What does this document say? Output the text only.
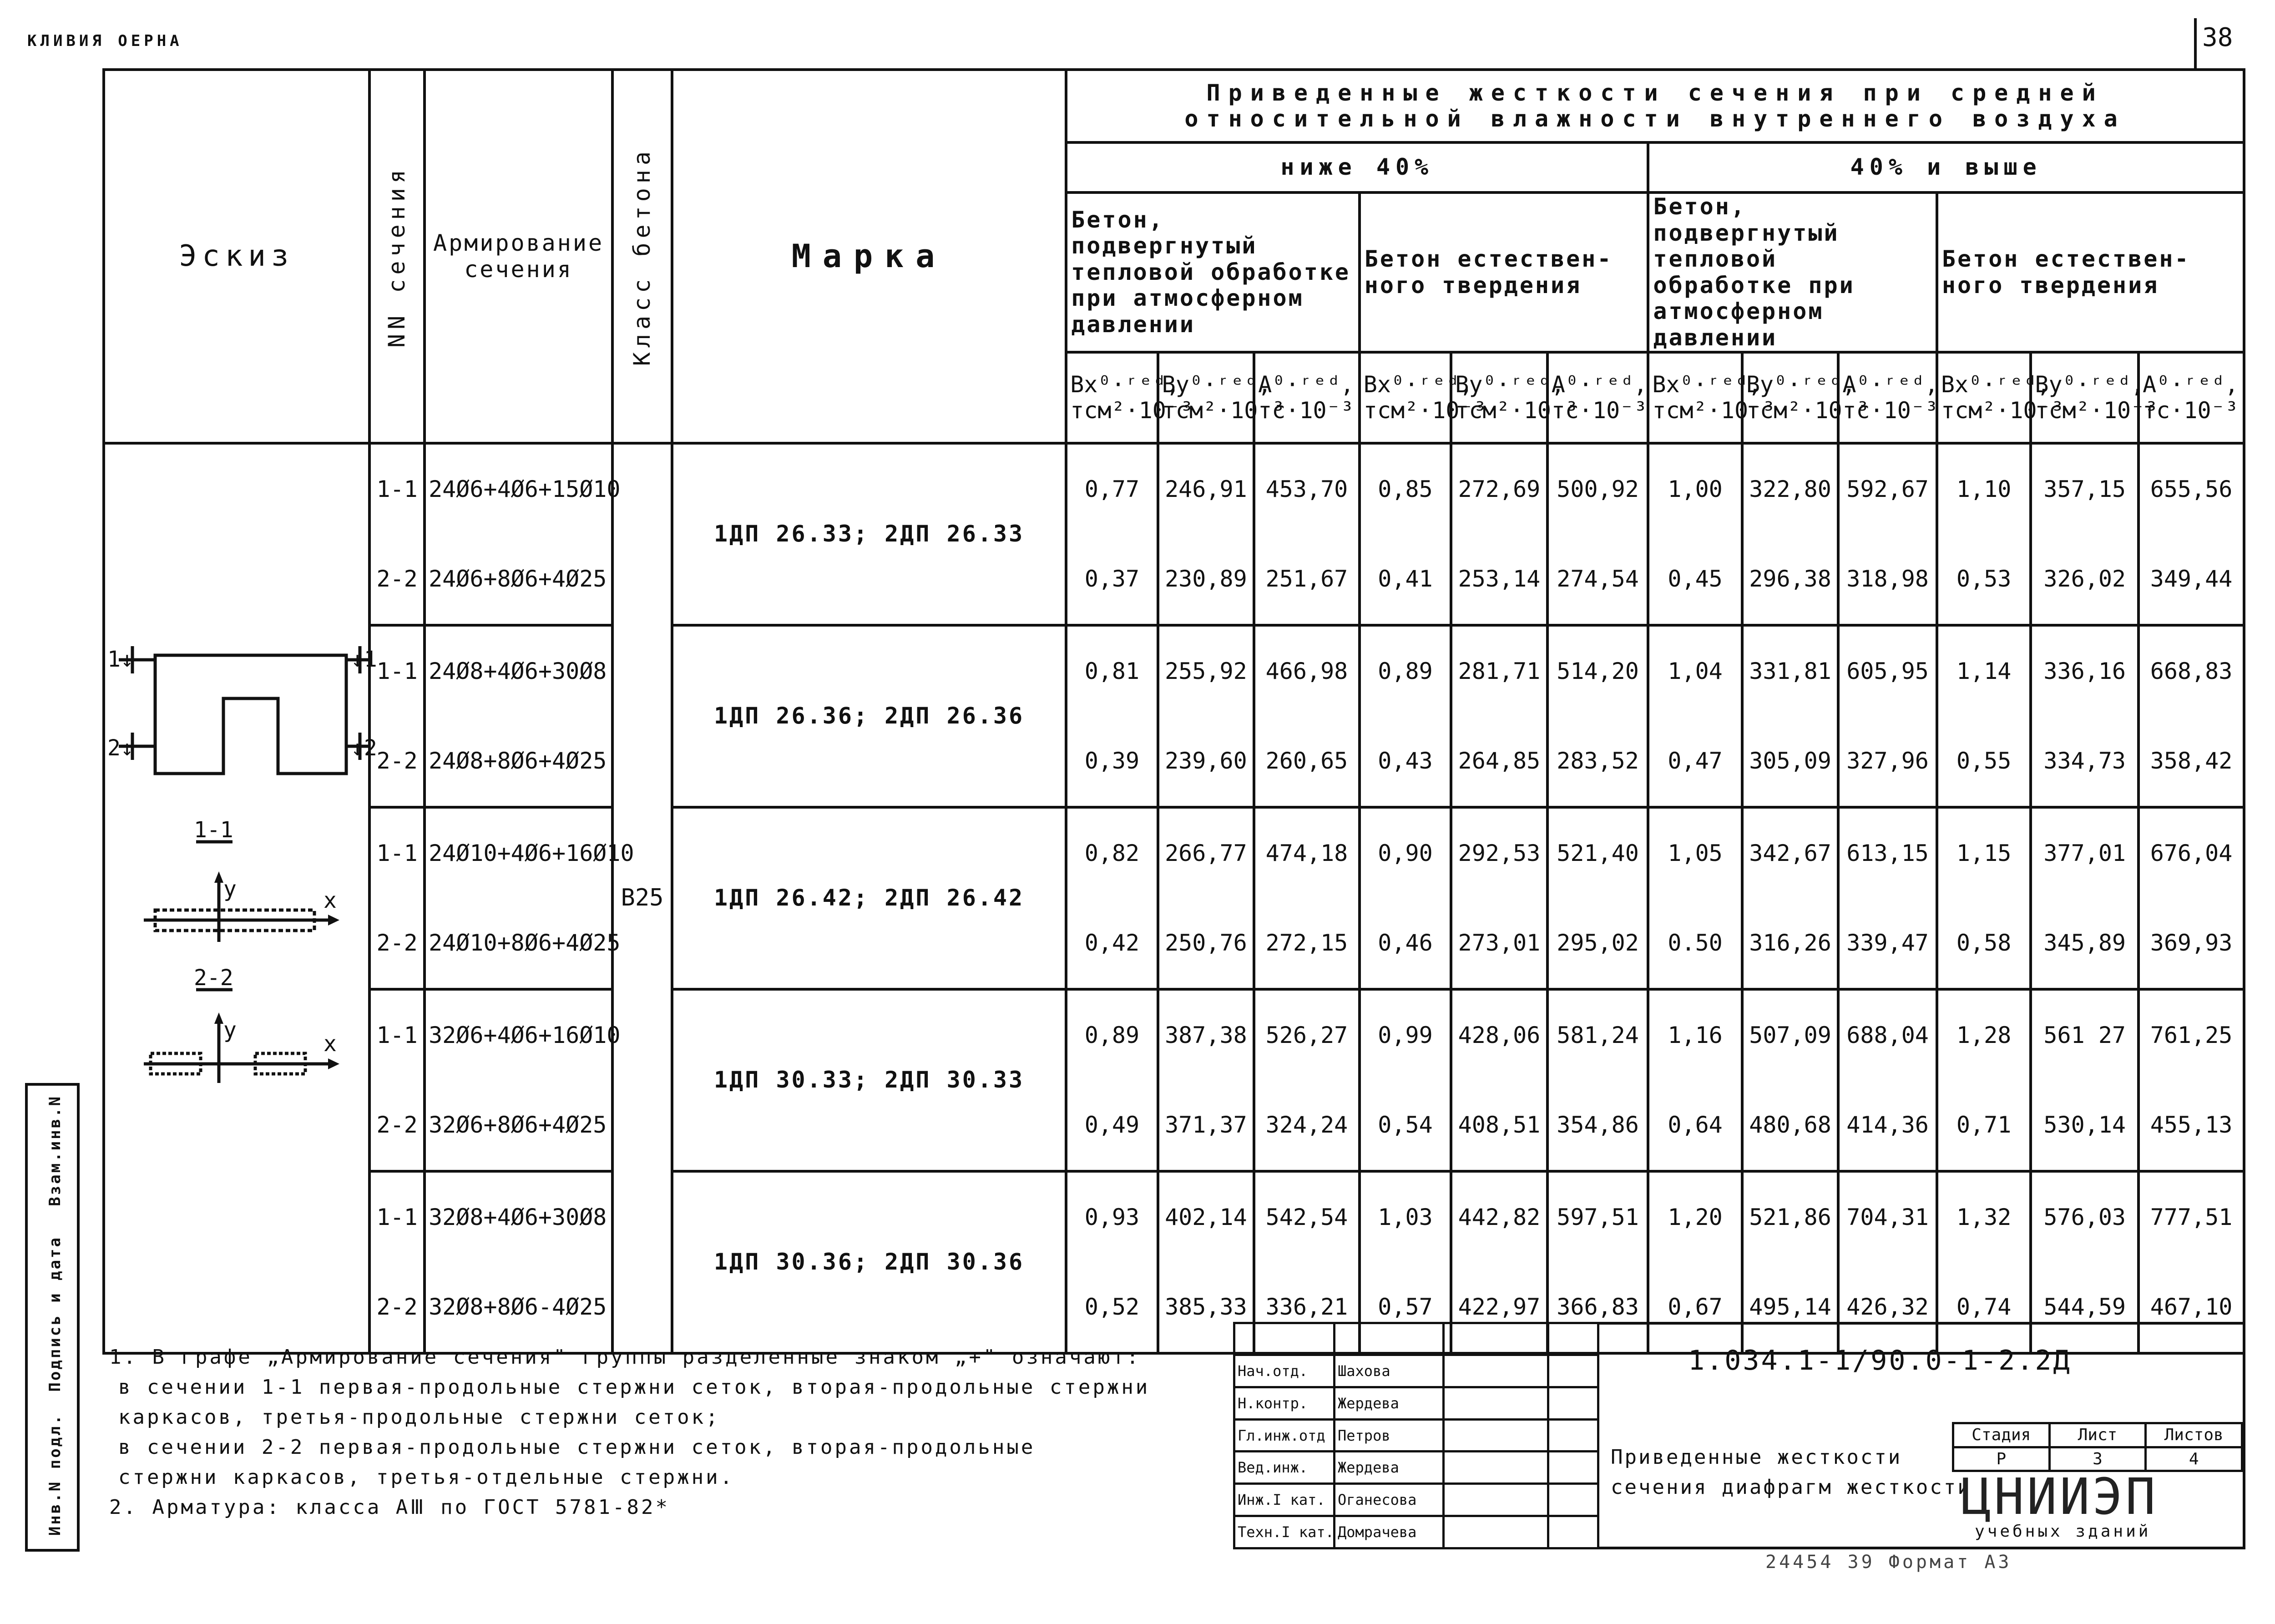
КЛИВИЯ ОЕРНА	38
Эскиз	NN сечения	Армирование сечения	Класс бетона	Марка	Приведенные жесткости сечения при средней относительной влажности внутреннего воздуха											
					ниже 40%						40% и выше					
					Бетон, подвергнутый тепловой обработке при атмосферном давлении			Бетон естествен-ного твердения			Бетон, подвергнутый тепловой обработке при атмосферном давлении			Бетон естествен-ного твердения		
					Bx⁰·ʳᵉᵈ, тсм²·10⁻³	By⁰·ʳᵉᵈ, тсм²·10⁻³	A⁰·ʳᵉᵈ, тс·10⁻³	Bx⁰·ʳᵉᵈ, тсм²·10⁻³	By⁰·ʳᵉᵈ, тсм²·10⁻³	A⁰·ʳᵉᵈ, тс·10⁻³	Bx⁰·ʳᵉᵈ, тсм²·10⁻³	By⁰·ʳᵉᵈ, тсм²·10⁻³	A⁰·ʳᵉᵈ, тс·10⁻³	Bx⁰·ʳᵉᵈ, тсм²·10⁻³	By⁰·ʳᵉᵈ, тсм²·10⁻³	A⁰·ʳᵉᵈ, тс·10⁻³
	1-1	24Ø6+4Ø6+15Ø10	B25	1ДП 26.33; 2ДП 26.33	0,77	246,91	453,70	0,85	272,69	500,92	1,00	322,80	592,67	1,10	357,15	655,56
	2-2	24Ø6+8Ø6+4Ø25			0,37	230,89	251,67	0,41	253,14	274,54	0,45	296,38	318,98	0,53	326,02	349,44
	1-1	24Ø8+4Ø6+30Ø8		1ДП 26.36; 2ДП 26.36	0,81	255,92	466,98	0,89	281,71	514,20	1,04	331,81	605,95	1,14	336,16	668,83
	2-2	24Ø8+8Ø6+4Ø25			0,39	239,60	260,65	0,43	264,85	283,52	0,47	305,09	327,96	0,55	334,73	358,42
	1-1	24Ø10+4Ø6+16Ø10		1ДП 26.42; 2ДП 26.42	0,82	266,77	474,18	0,90	292,53	521,40	1,05	342,67	613,15	1,15	377,01	676,04
	2-2	24Ø10+8Ø6+4Ø25			0,42	250,76	272,15	0,46	273,01	295,02	0.50	316,26	339,47	0,58	345,89	369,93
	1-1	32Ø6+4Ø6+16Ø10		1ДП 30.33; 2ДП 30.33	0,89	387,38	526,27	0,99	428,06	581,24	1,16	507,09	688,04	1,28	561 27	761,25
	2-2	32Ø6+8Ø6+4Ø25			0,49	371,37	324,24	0,54	408,51	354,86	0,64	480,68	414,36	0,71	530,14	455,13
	1-1	32Ø8+4Ø6+30Ø8		1ДП 30.36; 2ДП 30.36	0,93	402,14	542,54	1,03	442,82	597,51	1,20	521,86	704,31	1,32	576,03	777,51
	2-2	32Ø8+8Ø6-4Ø25			0,52	385,33	336,21	0,57	422,97	366,83	0,67	495,14	426,32	0,74	544,59	467,10
1↓
2↓
↓1
↓2
1-1
2-2
y	x
y
x
1. В графе „Армирование сечения" группы разделенные знаком „+" означают:
в сечении 1-1 первая-продольные стержни сеток, вторая-продольные стержни
каркасов, третья-продольные стержни сеток;
в сечении 2-2 первая-продольные стержни сеток, вторая-продольные
стержни каркасов, третья-отдельные стержни.
2. Арматура: класса АⅢ по ГОСТ 5781-82*

Нач.отд.	Шахова		
Н.контр.	Жердева		
Гл.инж.отд	Петров		
Вед.инж.	Жердева		
Инж.I кат.	Оганесова		
Техн.I кат.	Домрачева		
1.034.1-1/90.0-1-2.2Д
Приведенные жесткости
сечения диафрагм жесткости
Стадия	Лист	Листов
Р	3	4
ЦНИИЭП
учебных зданий
Инв.N подл.
Подпись и дата
Взам.инв.N
24454 39 Формат А3
